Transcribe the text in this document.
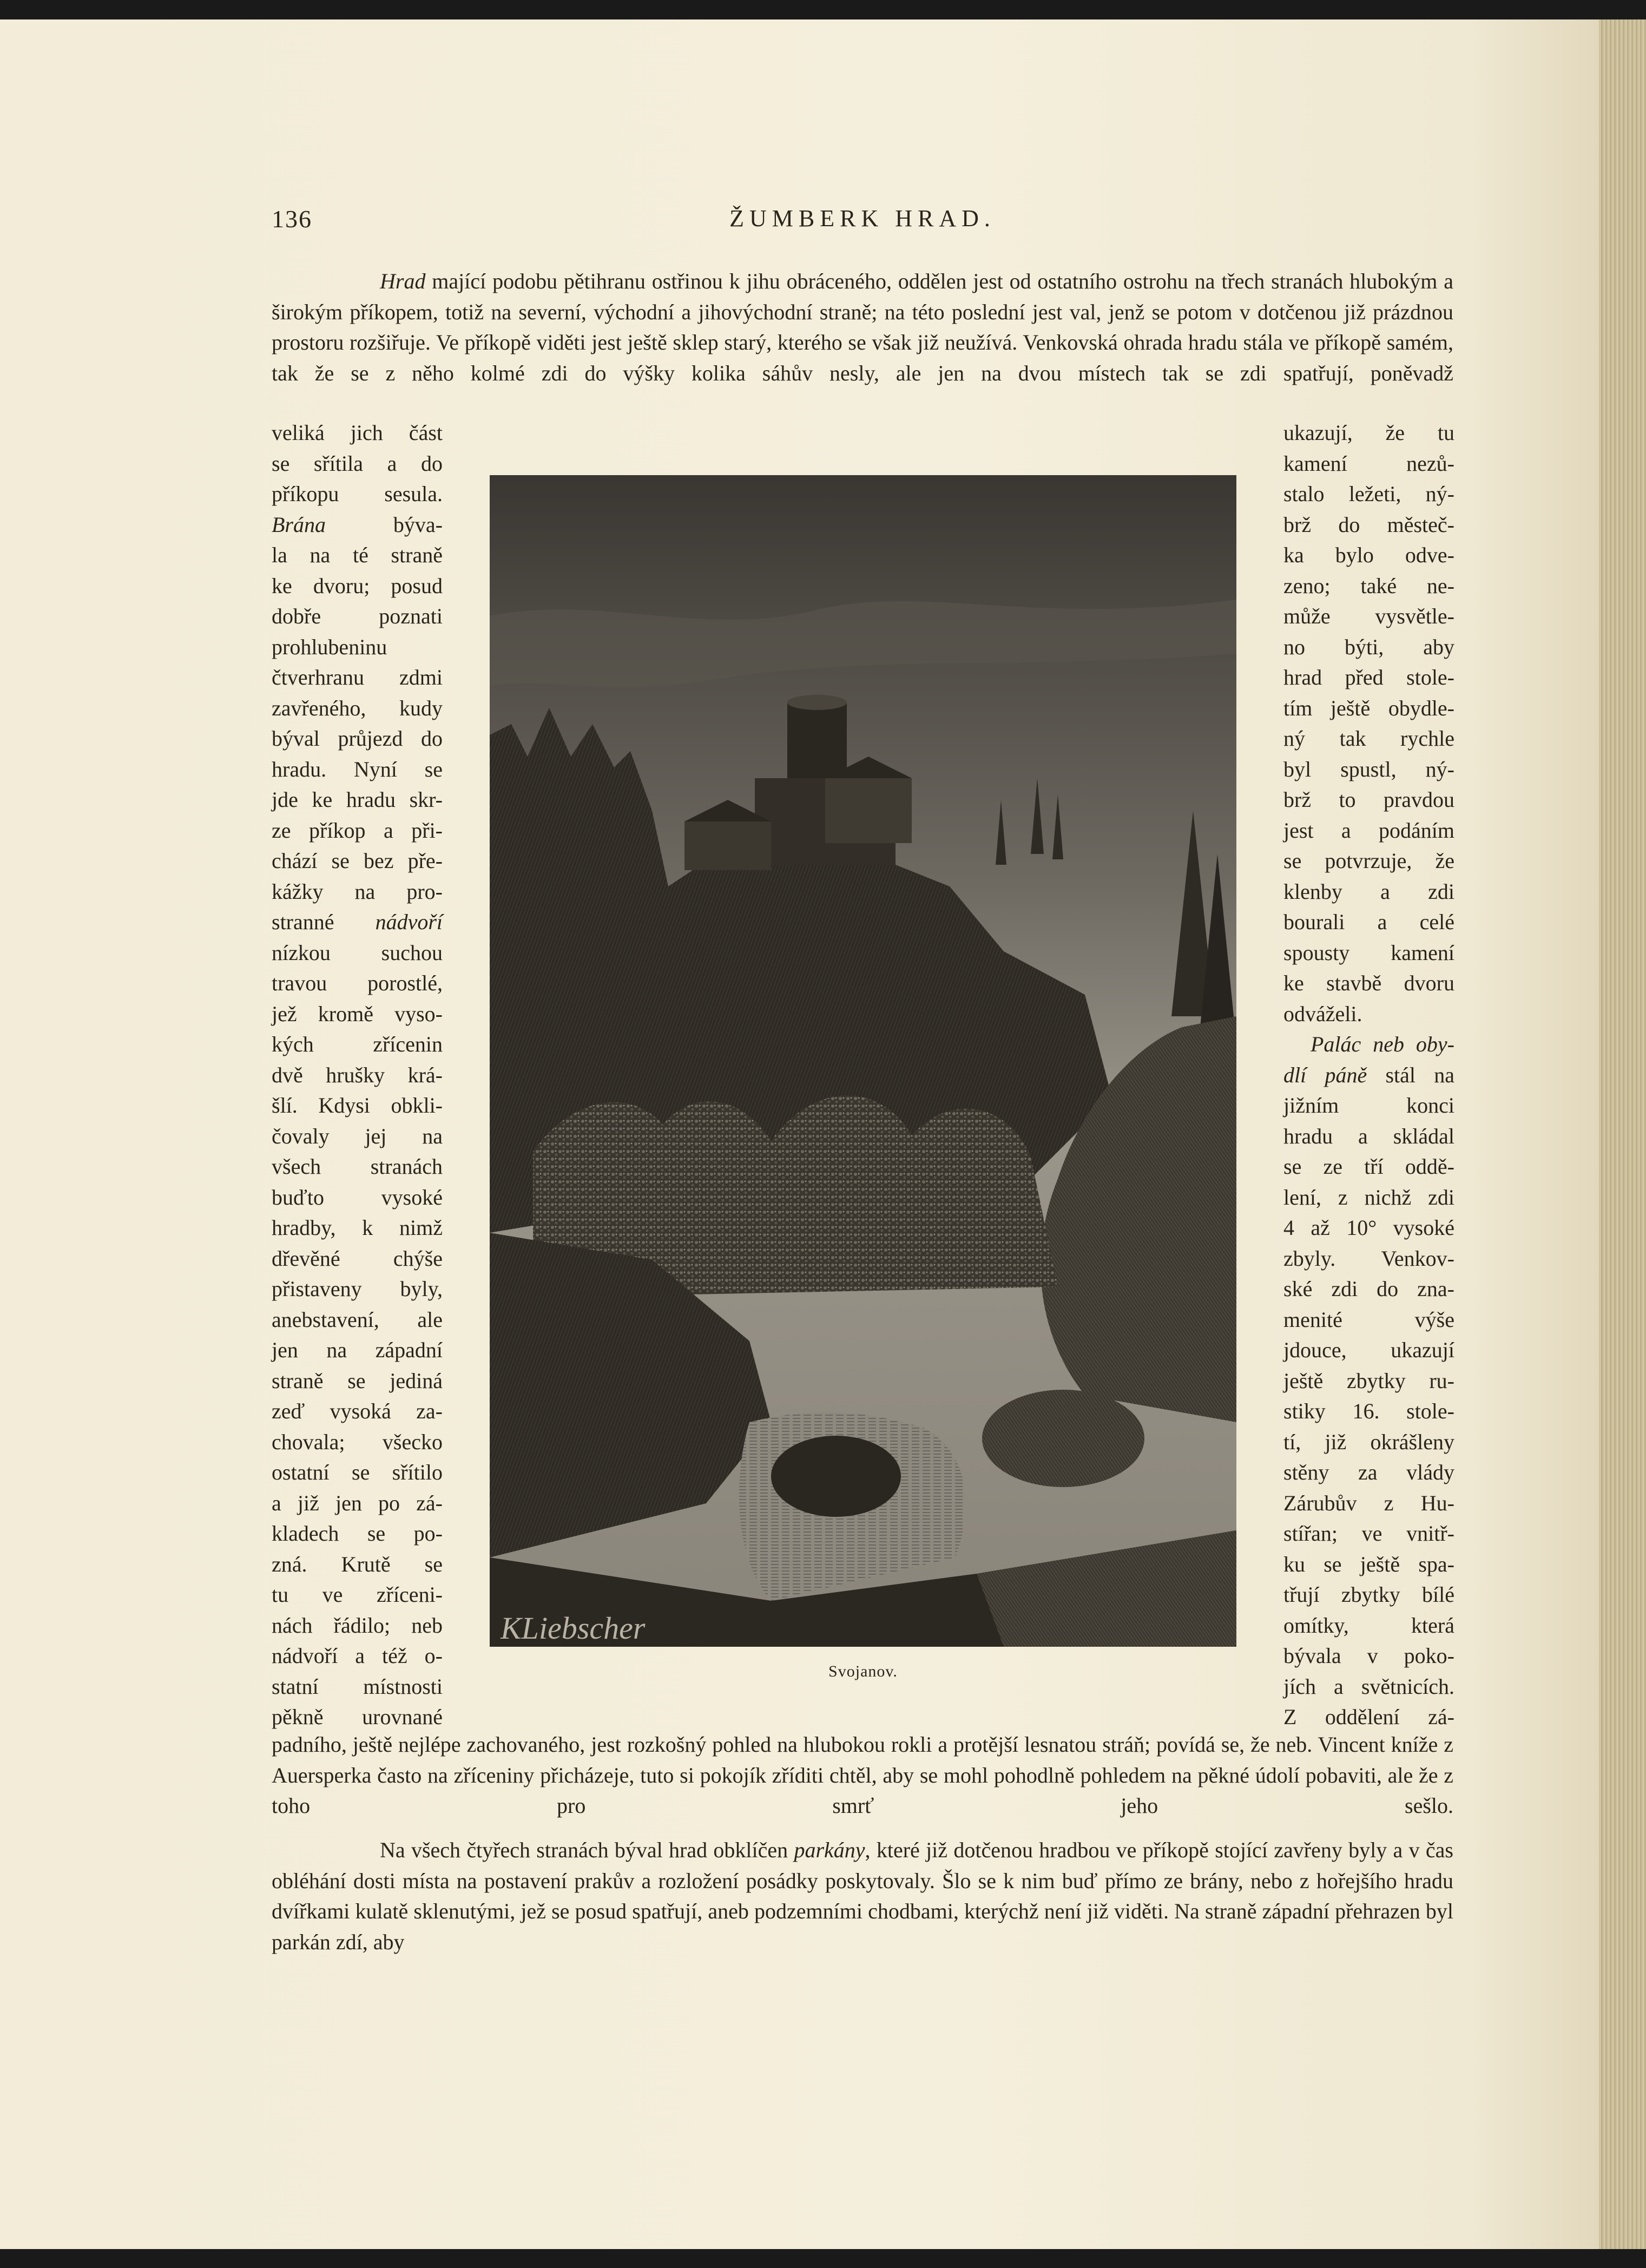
136	ŽUMBERK HRAD.

Hrad mající podobu pětihranu ostřinou k jihu obráceného, oddělen jest od ostatního ostrohu na třech stranách hlubokým a širokým příkopem, totiž na severní, východní a jihovýchodní straně; na této poslední jest val, jenž se potom v dotčenou již prázdnou prostoru rozšiřuje. Ve příkopě viděti jest ještě sklep starý, kterého se však již neužívá. Venkovská ohrada hradu stála ve příkopě samém, tak že se z něho kolmé zdi do výšky kolika sáhův nesly, ale jen na dvou místech tak se zdi spatřují, poněvadž

veliká jich část
se sřítila a do
příkopu sesula.
Brána býva-
la na té straně
ke dvoru; posud
dobře poznati
prohlubeninu
čtverhranu zdmi
zavřeného, kudy
býval průjezd do
hradu. Nyní se
jde ke hradu skr-
ze příkop a při-
chází se bez pře-
kážky na pro-
stranné nádvoří
nízkou suchou
travou porostlé,
jež kromě vyso-
kých zřícenin
dvě hrušky krá-
šlí. Kdysi obkli-
čovaly jej na
všech stranách
buďto vysoké
hradby, k nimž
dřevěné chýše
přistaveny byly,
anebstavení, ale
jen na západní
straně se jediná
zeď vysoká za-
chovala; všecko
ostatní se sřítilo
a již jen po zá-
kladech se po-
zná. Krutě se
tu ve zříceni-
nách řádilo; neb
nádvoří a též o-
statní místnosti
pěkně urovnané
ukazují, že tu
kamení nezů-
stalo ležeti, ný-
brž do městeč-
ka bylo odve-
zeno; také ne-
může vysvětle-
no býti, aby
hrad před stole-
tím ještě obydle-
ný tak rychle
byl spustl, ný-
brž to pravdou
jest a podáním
se potvrzuje, že
klenby a zdi
bourali a celé
spousty kamení
ke stavbě dvoru
odváželi.
Palác neb oby-
dlí páně stál na
jižním konci
hradu a skládal
se ze tří oddě-
lení, z nichž zdi
4 až 10° vysoké
zbyly. Venkov-
ské zdi do zna-
menité výše
jdouce, ukazují
ještě zbytky ru-
stiky 16. stole-
tí, již okrášleny
stěny za vlády
Zárubův z Hu-
stířan; ve vnitř-
ku se ještě spa-
třují zbytky bílé
omítky, která
bývala v poko-
jích a světnicích.
Z oddělení zá-
KLiebscher
Svojanov.

padního, ještě nejlépe zachovaného, jest rozkošný pohled na hlubokou rokli a protější lesnatou stráň; povídá se, že neb. Vincent kníže z Auersperka často na zříceniny přicházeje, tuto si pokojík zříditi chtěl, aby se mohl pohodlně pohledem na pěkné údolí pobaviti, ale že z toho pro smrť jeho sešlo.

Na všech čtyřech stranách býval hrad obklíčen parkány, které již dotčenou hradbou ve příkopě stojící zavřeny byly a v čas obléhání dosti místa na postavení prakův a rozložení posádky poskytovaly. Šlo se k nim buď přímo ze brány, nebo z hořejšího hradu dvířkami kulatě sklenutými, jež se posud spatřují, aneb podzemními chodbami, kterýchž není již viděti. Na straně západní přehrazen byl parkán zdí, aby
